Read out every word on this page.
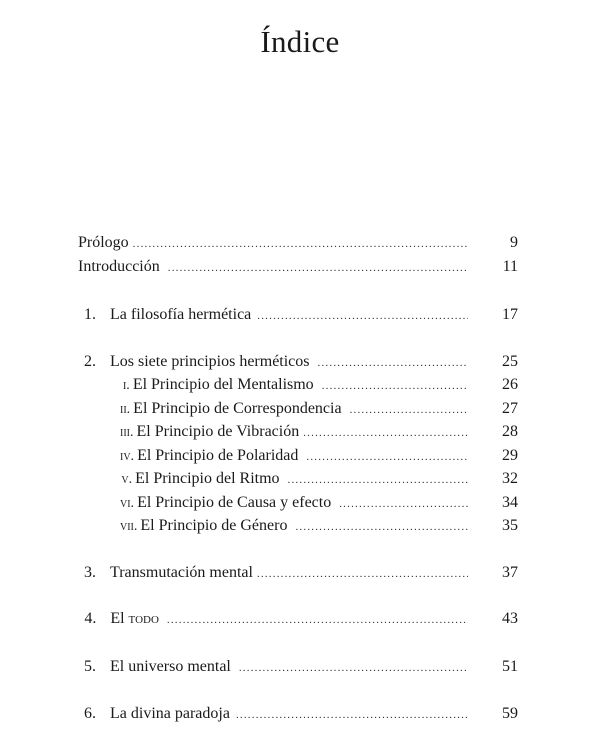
Índice
Prólogo .....	9
Introducción .....	11
1. La filosofía hermética .....	17
2. Los siete principios herméticos .....	25
i. El Principio del Mentalismo .....	26
ii. El Principio de Correspondencia .....	27
iii. El Principio de Vibración .....	28
iv. El Principio de Polaridad .....	29
v. El Principio del Ritmo .....	32
vi. El Principio de Causa y efecto .....	34
vii. El Principio de Género .....	35
3. Transmutación mental .....	37
4. El todo .....	43
5. El universo mental .....	51
6. La divina paradoja .....	59
